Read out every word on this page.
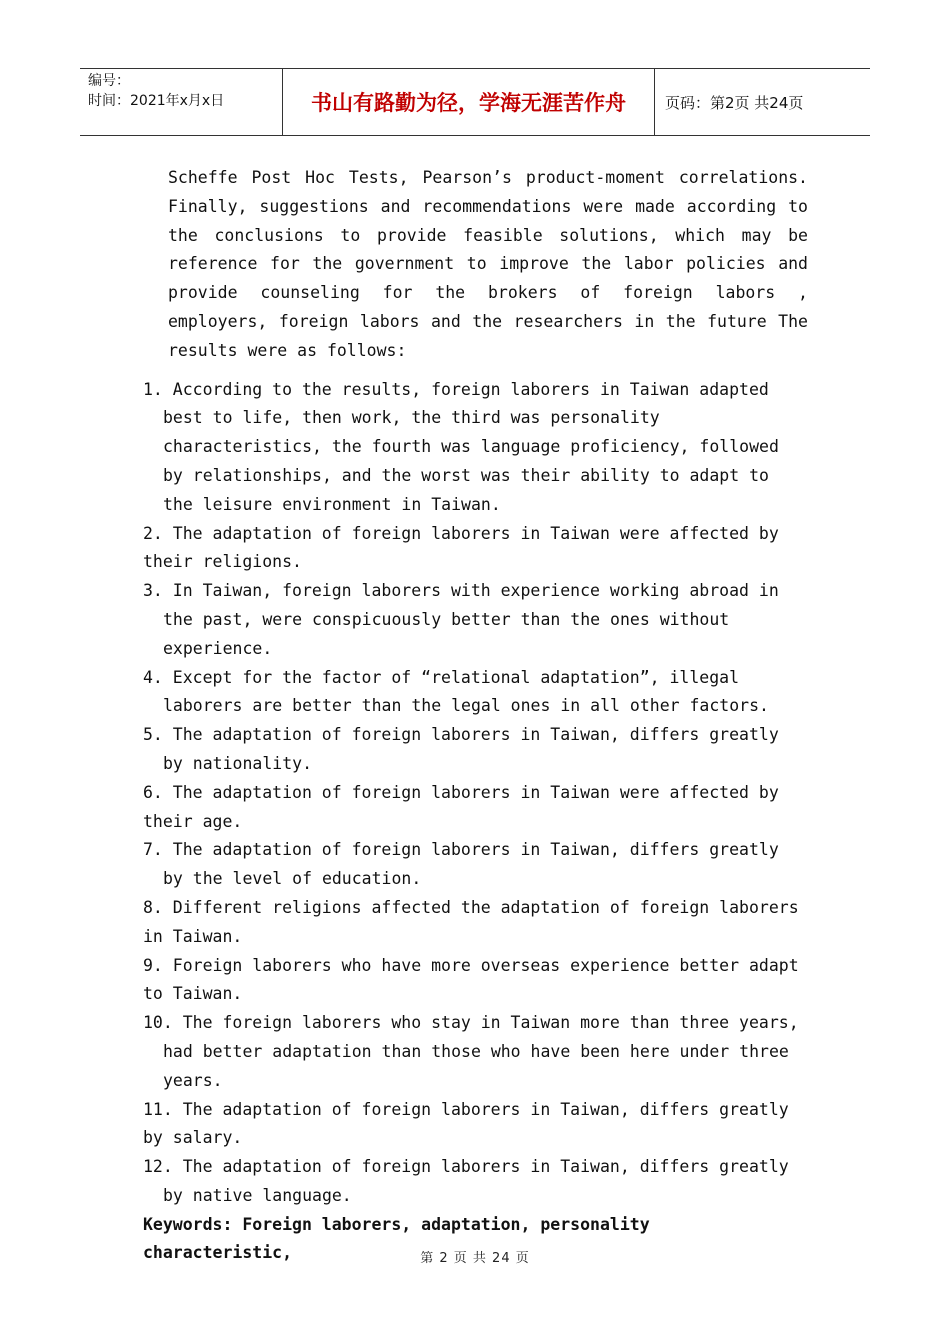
编号：
时间：2021年x月x日	书山有路勤为径，学海无涯苦作舟	页码：第2页 共24页
Scheffe Post Hoc Tests, Pearson’s product-moment correlations. Finally, suggestions and recommendations were made according to the conclusions to provide feasible solutions, which may be reference for the government to improve the labor policies and provide counseling for the brokers of foreign labors , employers, foreign labors and the researchers in the future The results were as follows:
1. According to the results, foreign laborers in Taiwan adapted best to life, then work, the third was personality characteristics, the fourth was language proficiency, followed by relationships, and the worst was their ability to adapt to the leisure environment in Taiwan.
2. The adaptation of foreign laborers in Taiwan were affected by their religions.
3. In Taiwan, foreign laborers with experience working abroad in the past, were conspicuously better than the ones without experience.
4. Except for the factor of “relational adaptation”, illegal laborers are better than the legal ones in all other factors.
5. The adaptation of foreign laborers in Taiwan, differs greatly by nationality.
6. The adaptation of foreign laborers in Taiwan were affected by their age.
7. The adaptation of foreign laborers in Taiwan, differs greatly by the level of education.
8. Different religions affected the adaptation of foreign laborers in Taiwan.
9. Foreign laborers who have more overseas experience better adapt to Taiwan.
10. The foreign laborers who stay in Taiwan more than three years, had better adaptation than those who have been here under three years.
11. The adaptation of foreign laborers in Taiwan, differs greatly by salary.
12. The adaptation of foreign laborers in Taiwan, differs greatly by native language.
Keywords: Foreign laborers, adaptation, personality characteristic,	第 2 页 共 24 页
